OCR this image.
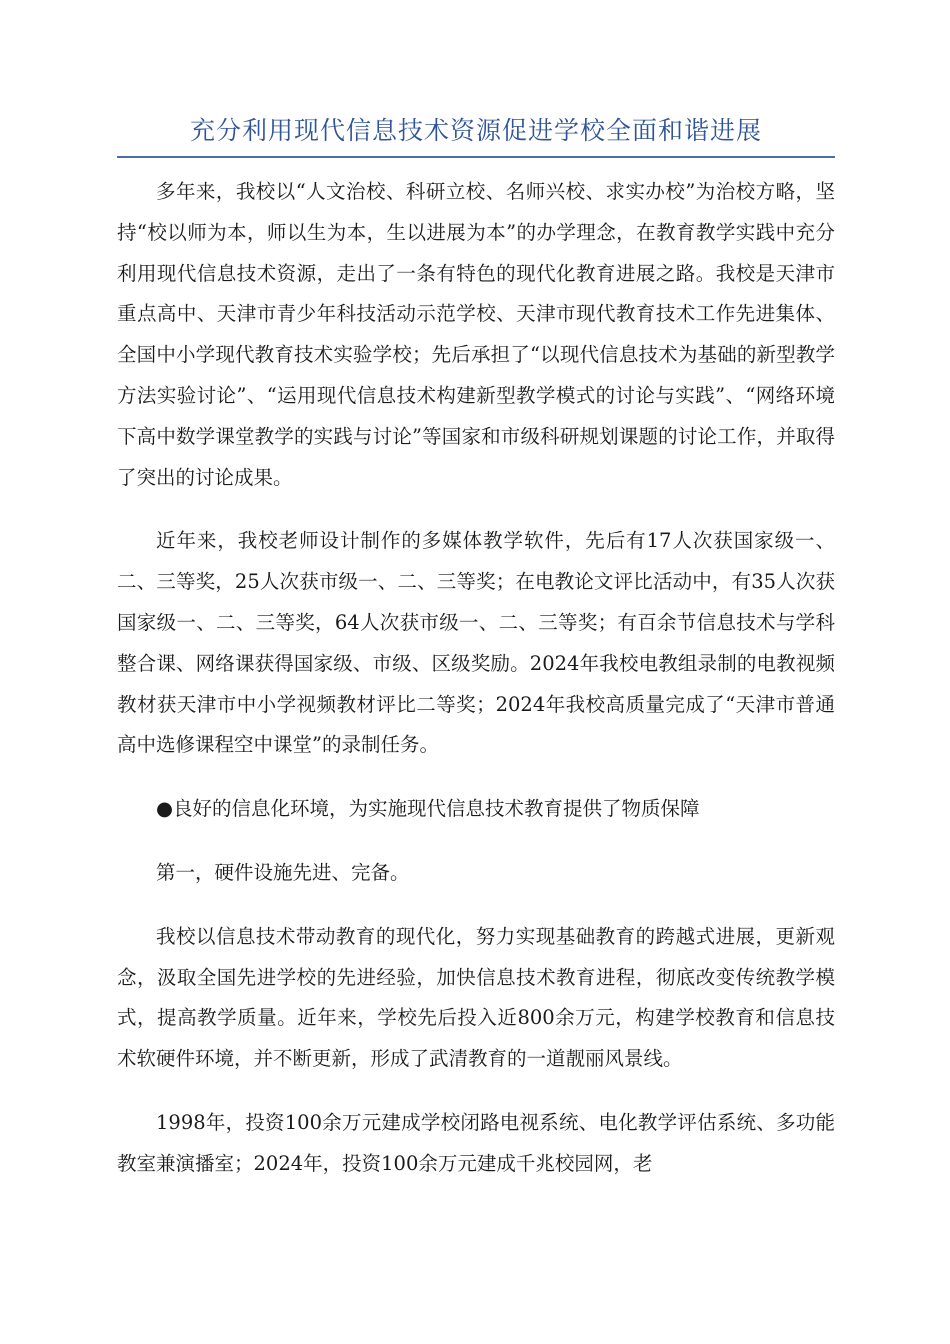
充分利用现代信息技术资源促进学校全面和谐进展

多年来，我校以“人文治校、科研立校、名师兴校、求实办校”为治校方略，坚持“校以师为本，师以生为本，生以进展为本”的办学理念，在教育教学实践中充分利用现代信息技术资源，走出了一条有特色的现代化教育进展之路。我校是天津市重点高中、天津市青少年科技活动示范学校、天津市现代教育技术工作先进集体、全国中小学现代教育技术实验学校；先后承担了“以现代信息技术为基础的新型教学方法实验讨论”、“运用现代信息技术构建新型教学模式的讨论与实践”、“网络环境下高中数学课堂教学的实践与讨论”等国家和市级科研规划课题的讨论工作，并取得了突出的讨论成果。

近年来，我校老师设计制作的多媒体教学软件，先后有17人次获国家级一、二、三等奖，25人次获市级一、二、三等奖；在电教论文评比活动中，有35人次获国家级一、二、三等奖，64人次获市级一、二、三等奖；有百余节信息技术与学科整合课、网络课获得国家级、市级、区级奖励。2024年我校电教组录制的电教视频教材获天津市中小学视频教材评比二等奖；2024年我校高质量完成了“天津市普通高中选修课程空中课堂”的录制任务。

●良好的信息化环境，为实施现代信息技术教育提供了物质保障

第一，硬件设施先进、完备。

我校以信息技术带动教育的现代化，努力实现基础教育的跨越式进展，更新观念，汲取全国先进学校的先进经验，加快信息技术教育进程，彻底改变传统教学模式，提高教学质量。近年来，学校先后投入近800余万元，构建学校教育和信息技术软硬件环境，并不断更新，形成了武清教育的一道靓丽风景线。

1998年，投资100余万元建成学校闭路电视系统、电化教学评估系统、多功能教室兼演播室；2024年，投资100余万元建成千兆校园网，老
